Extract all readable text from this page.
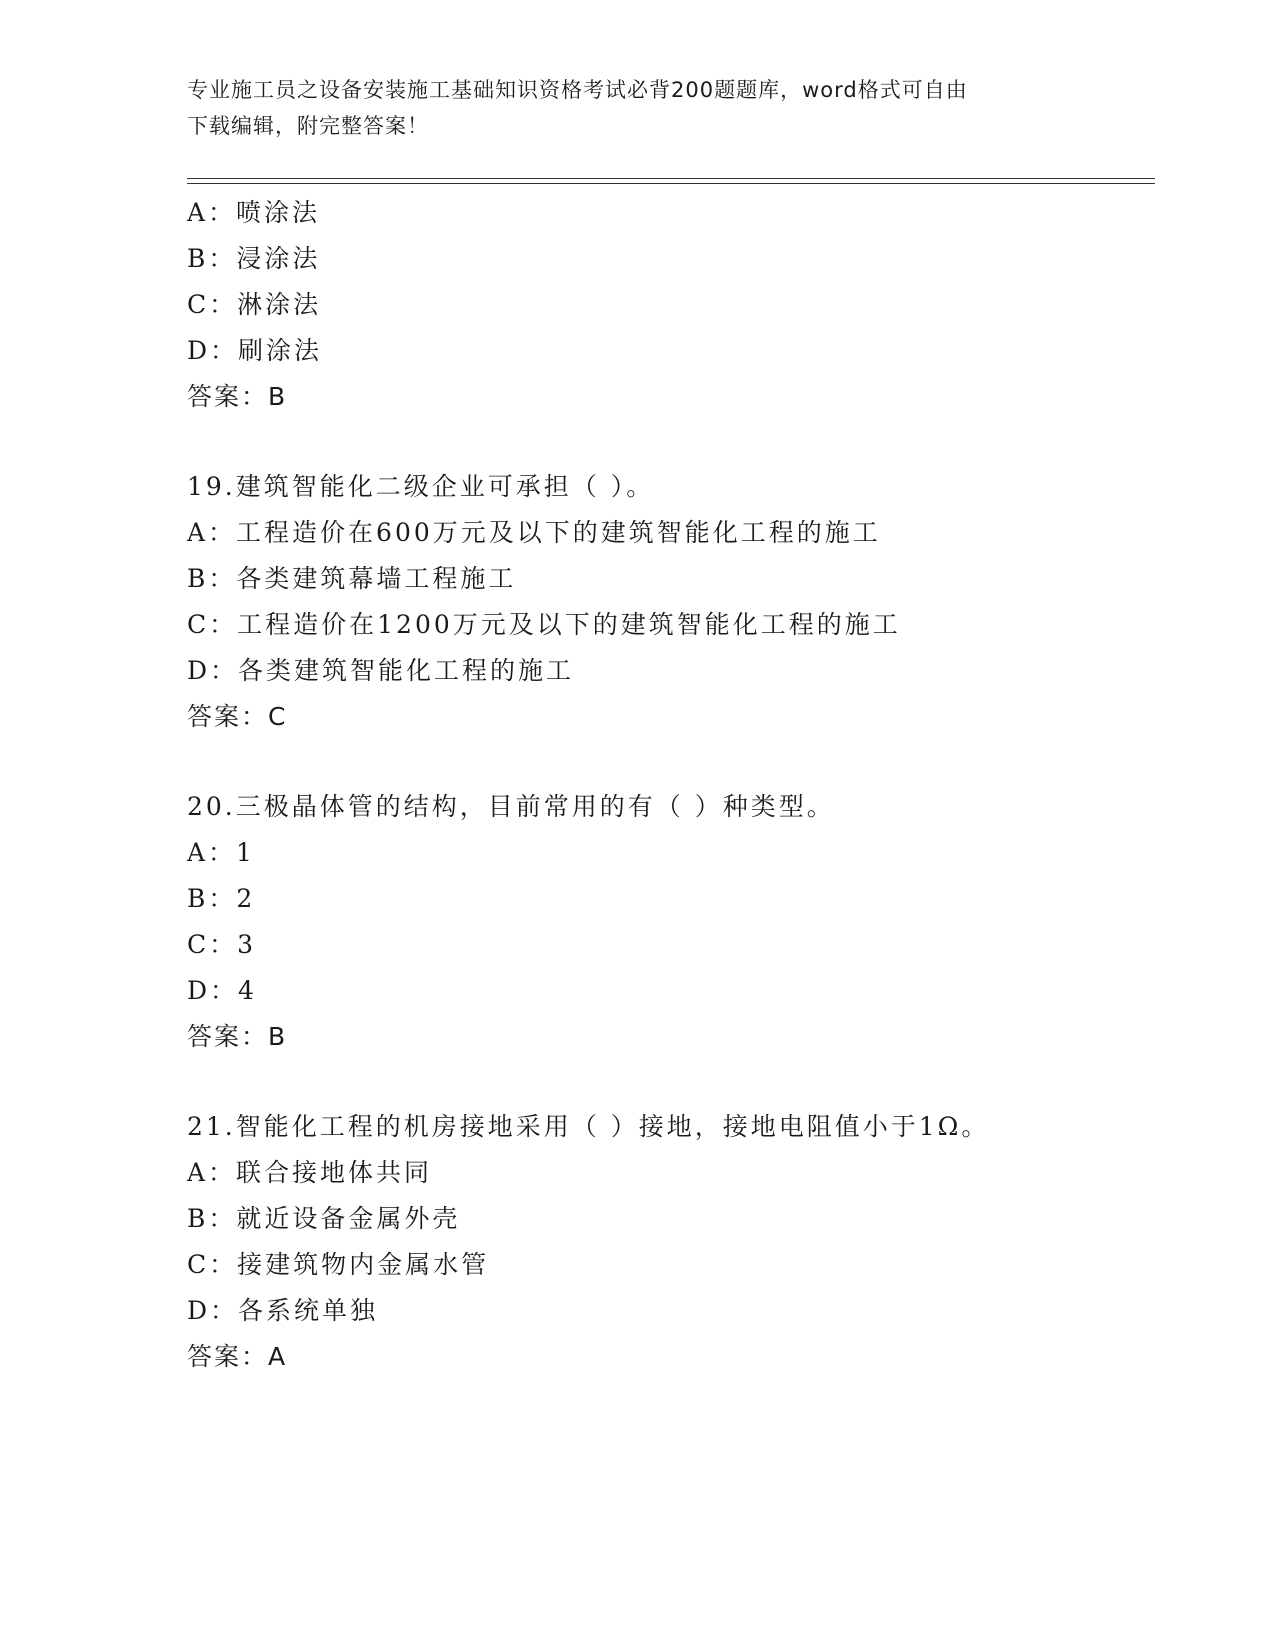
专业施工员之设备安装施工基础知识资格考试必背200题题库，word格式可自由
下载编辑，附完整答案！
A：喷涂法
B：浸涂法
C：淋涂法
D：刷涂法
答案：B
19.建筑智能化二级企业可承担（ ）。
A：工程造价在600万元及以下的建筑智能化工程的施工
B：各类建筑幕墙工程施工
C：工程造价在1200万元及以下的建筑智能化工程的施工
D：各类建筑智能化工程的施工
答案：C
20.三极晶体管的结构，目前常用的有（ ）种类型。
A：1
B：2
C：3
D：4
答案：B
21.智能化工程的机房接地采用（ ）接地，接地电阻值小于1Ω。
A：联合接地体共同
B：就近设备金属外壳
C：接建筑物内金属水管
D：各系统单独
答案：A
